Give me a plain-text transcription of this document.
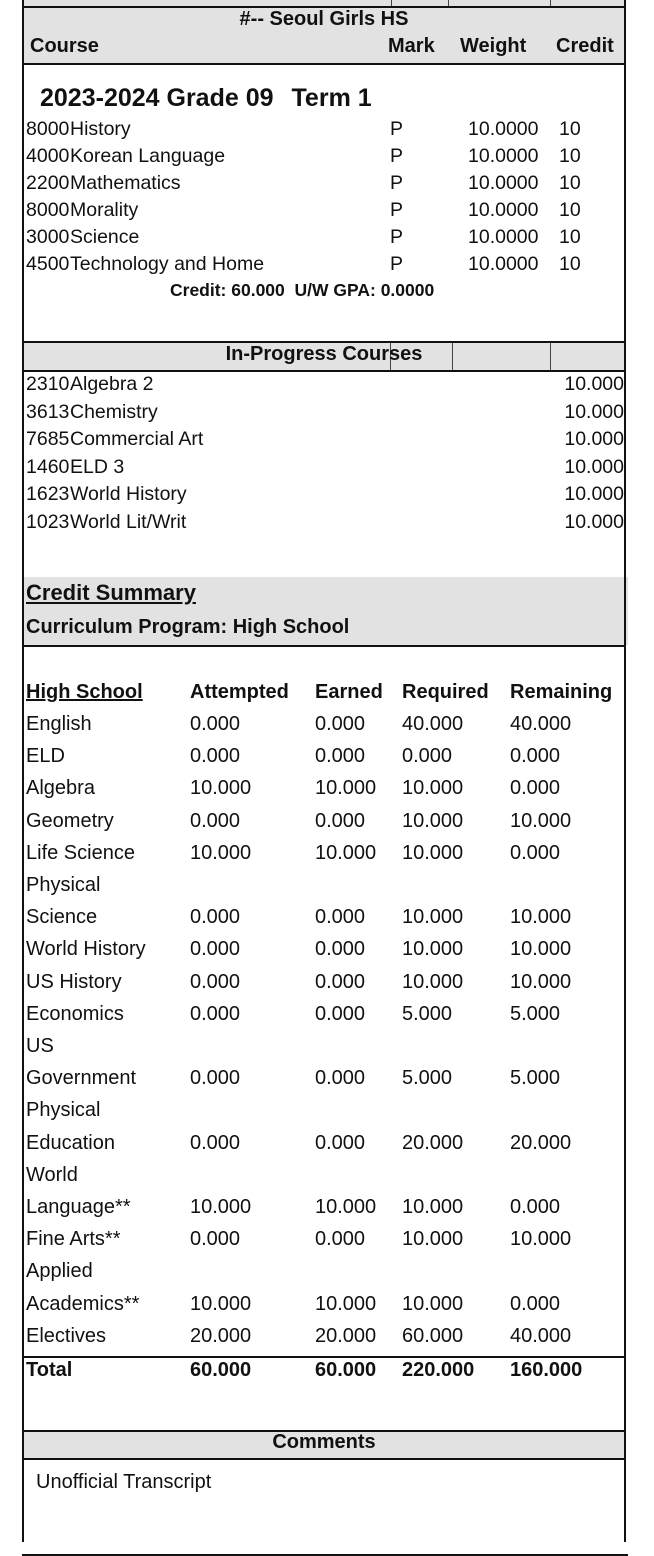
#-- Seoul Girls HS
Course	Mark Weight Credit
2023-2024 Grade 09 Term 1
8000 History	P	10.0000 10
4000 Korean Language	P	10.0000 10
2200 Mathematics	P	10.0000 10
8000 Morality	P	10.0000 10
3000 Science	P	10.0000 10
4500 Technology and Home	P	10.0000 10
Credit: 60.000  U/W GPA: 0.0000
In-Progress Courses
2310 Algebra 2	10.000
3613 Chemistry	10.000
7685 Commercial Art	10.000
1460 ELD 3	10.000
1623 World History	10.000
1023 World Lit/Writ	10.000
Credit Summary
Curriculum Program: High School
High School Attempted Earned Required Remaining
English	0.000	0.000 40.000 40.000
ELD	0.000	0.000 0.000	0.000
Algebra	10.000	10.000 10.000 0.000
Geometry	0.000	0.000 10.000 10.000
Life Science	10.000	10.000 10.000 0.000
Physical
Science	0.000	0.000 10.000 10.000
World History 0.000	0.000 10.000 10.000
US History	0.000	0.000 10.000 10.000
Economics	0.000	0.000 5.000	5.000
US
Government	0.000	0.000 5.000	5.000
Physical
Education	0.000	0.000 20.000 20.000
World
Language**	10.000	10.000 10.000 0.000
Fine Arts**	0.000	0.000 10.000 10.000
Applied
Academics**	10.000	10.000 10.000 0.000
Electives	20.000	20.000 60.000 40.000
Total	60.000	60.000 220.000 160.000
Comments
Unofficial Transcript
